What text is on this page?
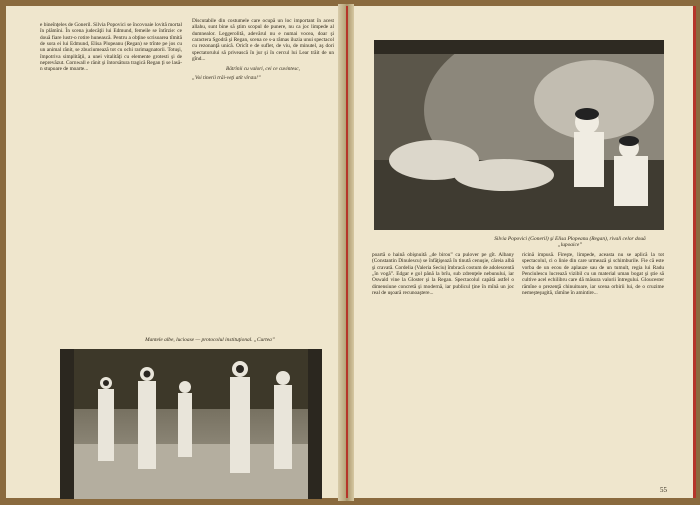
e bineînţeles de Goneril. Silvia Popovici se încovoaie lovită mortal în plămîni. În scena judecăţii lui Edmund, femeile se întîrzie: ce două fiare lustr-o rotire hunească. Pentru a obţine scrisoarea tîmită de sora ei lui Edmund, Elisa Plopeanu (Regan) se trînte pe jos cu un animal rănit, se zbuciumează tot cu ochi rarimagnatorii. Totuşi, împotriva simplităţii, a unei vitalităţi cu elemente grotesti şi de neprevăzut. Cornwall e rănit şi întorsătura tragică Regan ţi se lasă-n stupoare de moarte...

Discutabile din costumele care ocupă un loc important în acest allahu, sunt bine să ştim scopul de punere, nu ca joc limpede al dumnealor. Leggerolită, adevărul nu e numai vocea, doar şi caractera Sgodră şi Regan, scena ce s-a rămas iluzia unui spectacol cu rezonanţă unică. Oricît e de suflet, de viu, de minutel, aş dori spectatorului să privească în jur şi în cercul lui Lear trăit de un gînd...

Bătrînii cu valori, cei ce cuvintesc,

„Voi tinerii trăi-veţi atît vîrsta!”

Mantele albe, lucioase — protocolul instituţional. „Curtea”
Silvia Popovici (Goneril) şi Elisa Plopeanu (Regan), rivali celor două
„lupoaice”

poartă o haină obişnuită „de birou” ca pulover pe gît. Albany (Constantin Dinulescu) se înfăţişează în tinută cenuşie, căreia albă şi cravată. Cordelia (Valeria Seciu) îmbracă costum de adolescentă „în vogă”. Edgar e gol până la brîu, sub zdrenţele nebunului, iar Oswald vine la Gloster şi la Regan. Spectacolul capătă astfel o dimensiune concretă şi modernă, iar publicul ţine în mînă un joc real de uşoară recunoaştere...

ricină impusă. Fireşte, limpede, aceasta nu se aplică la tot spectacolul, ci o linie din care urmează şi schimburile. Fie că este vorba de un ecou de aplauze sau de un tumult, regia lui Radu Penciulescu lucrează vizibil cu un material uman bogat şi ştie să cultive acel echilibru care dă măsura valorii întregului. Gloucester rămîne o prezenţă chinuitoare, iar scena orbirii lui, de o cruzime nemeşteşugită, rămîne în amintire...

55
